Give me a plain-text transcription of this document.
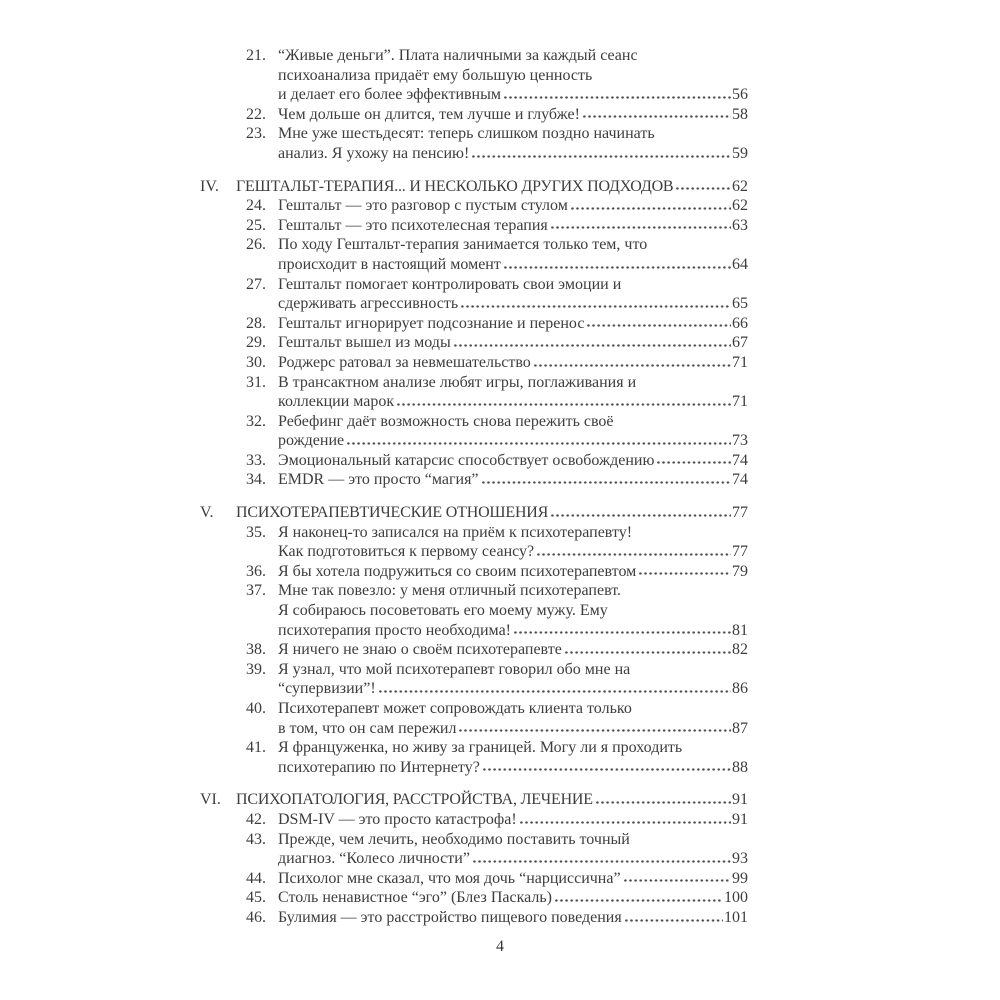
21. “Живые деньги”. Плата наличными за каждый сеанс
психоанализа придаёт ему большую ценность
и делает его более эффективным	56
22. Чем дольше он длится, тем лучше и глубже!	58
23. Мне уже шестьдесят: теперь слишком поздно начинать
анализ. Я ухожу на пенсию!	59
IV.	ГЕШТАЛЬТ-ТЕРАПИЯ... И НЕСКОЛЬКО ДРУГИХ ПОДХОДОВ	62
24. Гештальт — это разговор с пустым стулом	62
25. Гештальт — это психотелесная терапия	63
26. По ходу Гештальт-терапия занимается только тем, что
происходит в настоящий момент	64
27. Гештальт помогает контролировать свои эмоции и
сдерживать агрессивность	65
28. Гештальт игнорирует подсознание и перенос	66
29. Гештальт вышел из моды	67
30. Роджерс ратовал за невмешательство	71
31. В трансактном анализе любят игры, поглаживания и
коллекции марок	71
32. Ребефинг даёт возможность снова пережить своё
рождение	73
33. Эмоциональный катарсис способствует освобождению	74
34. EMDR — это просто “магия”	74
V.	ПСИХОТЕРАПЕВТИЧЕСКИЕ ОТНОШЕНИЯ	77
35. Я наконец-то записался на приём к психотерапевту!
Как подготовиться к первому сеансу?	77
36. Я бы хотела подружиться со своим психотерапевтом	79
37. Мне так повезло: у меня отличный психотерапевт.
Я собираюсь посоветовать его моему мужу. Ему
психотерапия просто необходима!	81
38. Я ничего не знаю о своём психотерапевте	82
39. Я узнал, что мой психотерапевт говорил обо мне на
“супервизии”!	86
40. Психотерапевт может сопровождать клиента только
в том, что он сам пережил	87
41. Я француженка, но живу за границей. Могу ли я проходить
психотерапию по Интернету?	88
VI. ПСИХОПАТОЛОГИЯ, РАССТРОЙСТВА, ЛЕЧЕНИЕ	91
42. DSM-IV — это просто катастрофа!	91
43. Прежде, чем лечить, необходимо поставить точный
диагноз. “Колесо личности”	93
44. Психолог мне сказал, что моя дочь “нарциссична”	99
45. Столь ненавистное “эго” (Блез Паскаль)	100
46. Булимия — это расстройство пищевого поведения	101
4
